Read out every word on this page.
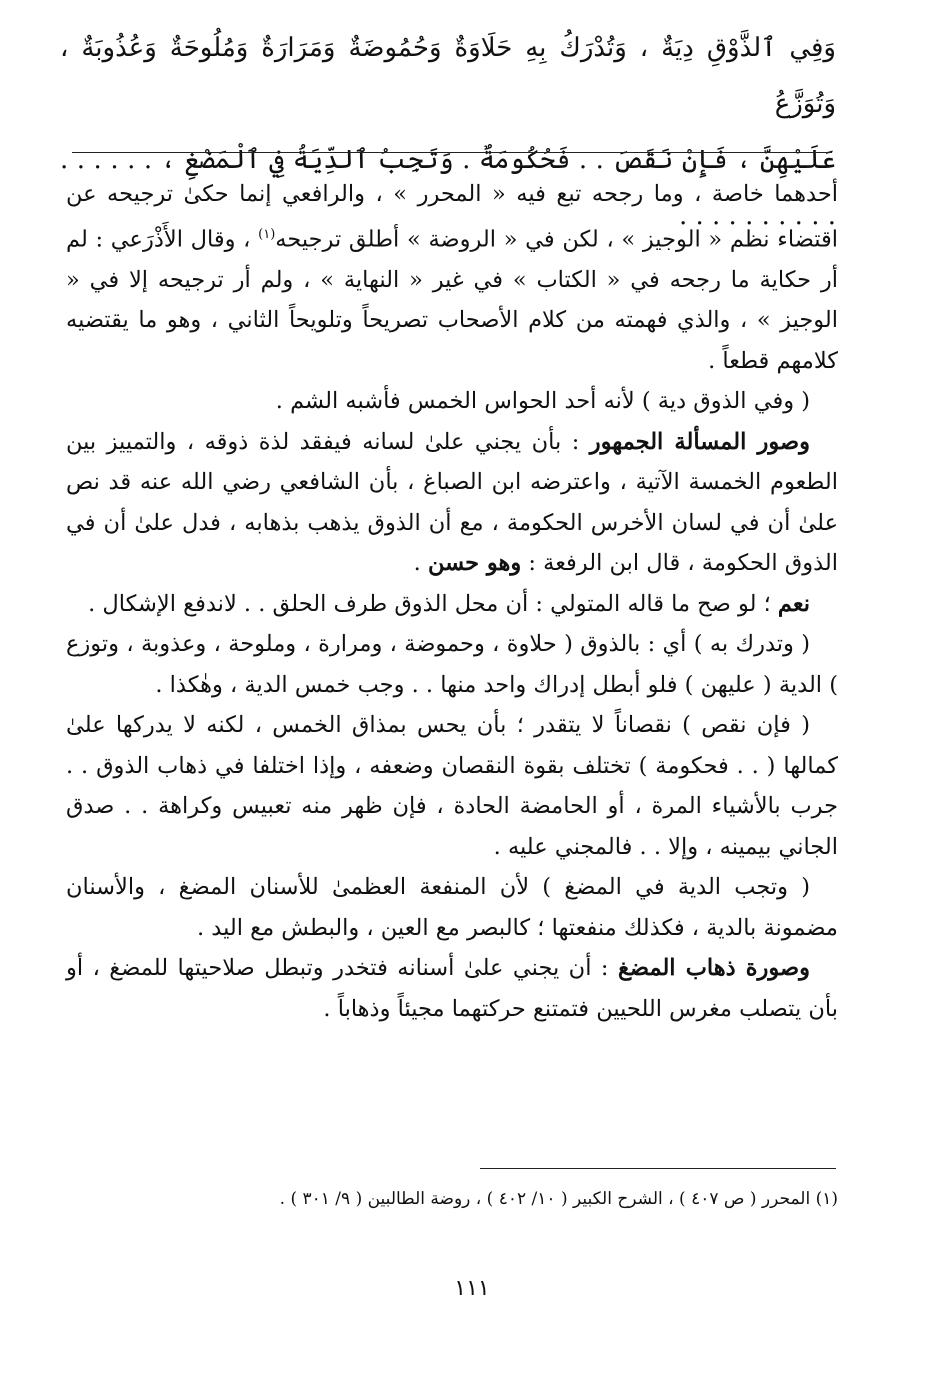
وَفِي ٱلذَّوْقِ دِيَةٌ ، وَتُدْرَكُ بِهِ حَلَاوَةٌ وَحُمُوضَةٌ وَمَرَارَةٌ وَمُلُوحَةٌ وَعُذُوبَةٌ ، وَتُوَزَّعُ

عَلَيْهِنَّ ، فَإِنْ نَقَصَ . . فَحُكُومَةٌ . وَتَجِبُ ٱلدِّيَةُ فِي ٱلْمَضْغِ ، . . . . . . . . . . . . . . . .

أحدهما خاصة ، وما رجحه تبع فيه « المحرر » ، والرافعي إنما حكىٰ ترجيحه عن اقتضاء نظم « الوجيز » ، لكن في « الروضة » أطلق ترجيحه$^{(١)}$ ، وقال الأَذْرَعي : لم أر حكاية ما رجحه في « الكتاب » في غير « النهاية » ، ولم أر ترجيحه إلا في « الوجيز » ، والذي فهمته من كلام الأصحاب تصريحاً وتلويحاً الثاني ، وهو ما يقتضيه كلامهم قطعاً .

( وفي الذوق دية ) لأنه أحد الحواس الخمس فأشبه الشم .

وصور المسألة الجمهور : بأن يجني علىٰ لسانه فيفقد لذة ذوقه ، والتمييز بين الطعوم الخمسة الآتية ، واعترضه ابن الصباغ ، بأن الشافعي رضي الله عنه قد نص علىٰ أن في لسان الأخرس الحكومة ، مع أن الذوق يذهب بذهابه ، فدل علىٰ أن في الذوق الحكومة ، قال ابن الرفعة : وهو حسن .

نعم ؛ لو صح ما قاله المتولي : أن محل الذوق طرف الحلق . . لاندفع الإشكال .

( وتدرك به ) أي : بالذوق ( حلاوة ، وحموضة ، ومرارة ، وملوحة ، وعذوبة ، وتوزع ) الدية ( عليهن ) فلو أبطل إدراك واحد منها . . وجب خمس الدية ، وهٰكذا .

( فإن نقص ) نقصاناً لا يتقدر ؛ بأن يحس بمذاق الخمس ، لكنه لا يدركها علىٰ كمالها ( . . فحكومة ) تختلف بقوة النقصان وضعفه ، وإذا اختلفا في ذهاب الذوق . . جرب بالأشياء المرة ، أو الحامضة الحادة ، فإن ظهر منه تعبيس وكراهة . . صدق الجاني بيمينه ، وإلا . . فالمجني عليه .

( وتجب الدية في المضغ ) لأن المنفعة العظمىٰ للأسنان المضغ ، والأسنان مضمونة بالدية ، فكذلك منفعتها ؛ كالبصر مع العين ، والبطش مع اليد .

وصورة ذهاب المضغ : أن يجني علىٰ أسنانه فتخدر وتبطل صلاحيتها للمضغ ، أو بأن يتصلب مغرس اللحيين فتمتنع حركتهما مجيئاً وذهاباً .

(١) المحرر ( ص ٤٠٧ ) ، الشرح الكبير ( ١٠/ ٤٠٢ ) ، روضة الطالبين ( ٩/ ٣٠١ ) .
١١١
